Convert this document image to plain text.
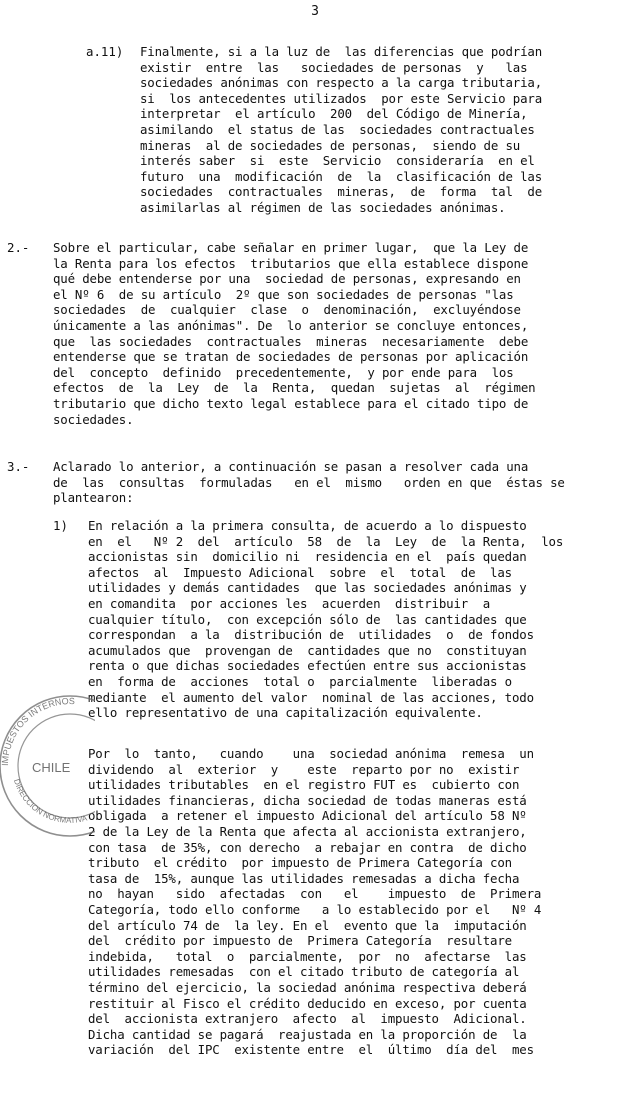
3
a.11) Finalmente, si a la luz de  las diferencias que podrían
existir  entre  las   sociedades de personas  y   las
sociedades anónimas con respecto a la carga tributaria,
si  los antecedentes utilizados  por este Servicio para
interpretar  el artículo  200  del Código de Minería,
asimilando  el status de las  sociedades contractuales
mineras  al de sociedades de personas,  siendo de su
interés saber  si  este  Servicio  consideraría  en el
futuro  una  modificación  de  la  clasificación de las
sociedades  contractuales  mineras,  de  forma  tal  de
asimilarlas al régimen de las sociedades anónimas.
2.- Sobre el particular, cabe señalar en primer lugar,  que la Ley de
la Renta para los efectos  tributarios que ella establece dispone
qué debe entenderse por una  sociedad de personas, expresando en
el Nº 6  de su artículo  2º que son sociedades de personas "las
sociedades  de  cualquier  clase  o  denominación,  excluyéndose
únicamente a las anónimas". De  lo anterior se concluye entonces,
que  las sociedades  contractuales  mineras  necesariamente  debe
entenderse que se tratan de sociedades de personas por aplicación
del  concepto  definido  precedentemente,  y por ende para  los
efectos  de  la  Ley  de  la  Renta,  quedan  sujetas  al  régimen
tributario que dicho texto legal establece para el citado tipo de
sociedades.
3.- Aclarado lo anterior, a continuación se pasan a resolver cada una
de  las  consultas  formuladas   en el  mismo   orden en que  éstas se
plantearon:
1) En relación a la primera consulta, de acuerdo a lo dispuesto
en  el   Nº 2  del  artículo  58  de  la  Ley  de  la Renta,  los
accionistas sin  domicilio ni  residencia en el  país quedan
afectos  al  Impuesto Adicional  sobre  el  total  de  las
utilidades y demás cantidades  que las sociedades anónimas y
en comandita  por acciones les  acuerden  distribuir  a
cualquier título,  con excepción sólo de  las cantidades que
correspondan  a la  distribución de  utilidades  o  de fondos
acumulados que  provengan de  cantidades que no  constituyan
renta o que dichas sociedades efectúen entre sus accionistas
en  forma de  acciones  total o  parcialmente  liberadas o
mediante  el aumento del valor  nominal de las acciones, todo
ello representativo de una capitalización equivalente.
Por  lo  tanto,   cuando    una  sociedad anónima  remesa  un
dividendo  al  exterior  y    este  reparto por no  existir
utilidades tributables  en el registro FUT es  cubierto con
utilidades financieras, dicha sociedad de todas maneras está
obligada  a retener el impuesto Adicional del artículo 58 Nº
2 de la Ley de la Renta que afecta al accionista extranjero,
con tasa  de 35%, con derecho  a rebajar en contra  de dicho
tributo  el crédito  por impuesto de Primera Categoría con
tasa de  15%, aunque las utilidades remesadas a dicha fecha
no  hayan   sido  afectadas  con   el    impuesto  de  Primera
Categoría, todo ello conforme   a lo establecido por el   Nº 4
del artículo 74 de  la ley. En el  evento que la  imputación
del  crédito por impuesto de  Primera Categoría  resultare
indebida,   total  o  parcialmente,  por  no  afectarse  las
utilidades remesadas  con el citado tributo de categoría al
término del ejercicio, la sociedad anónima respectiva deberá
restituir al Fisco el crédito deducido en exceso, por cuenta
del  accionista extranjero  afecto  al  impuesto  Adicional.
Dicha cantidad se pagará  reajustada en la proporción de  la
variación  del IPC  existente entre  el  último  día del  mes
IMPUESTOS INTERNOS
DIRECCION NORMATIVA
CHILE
